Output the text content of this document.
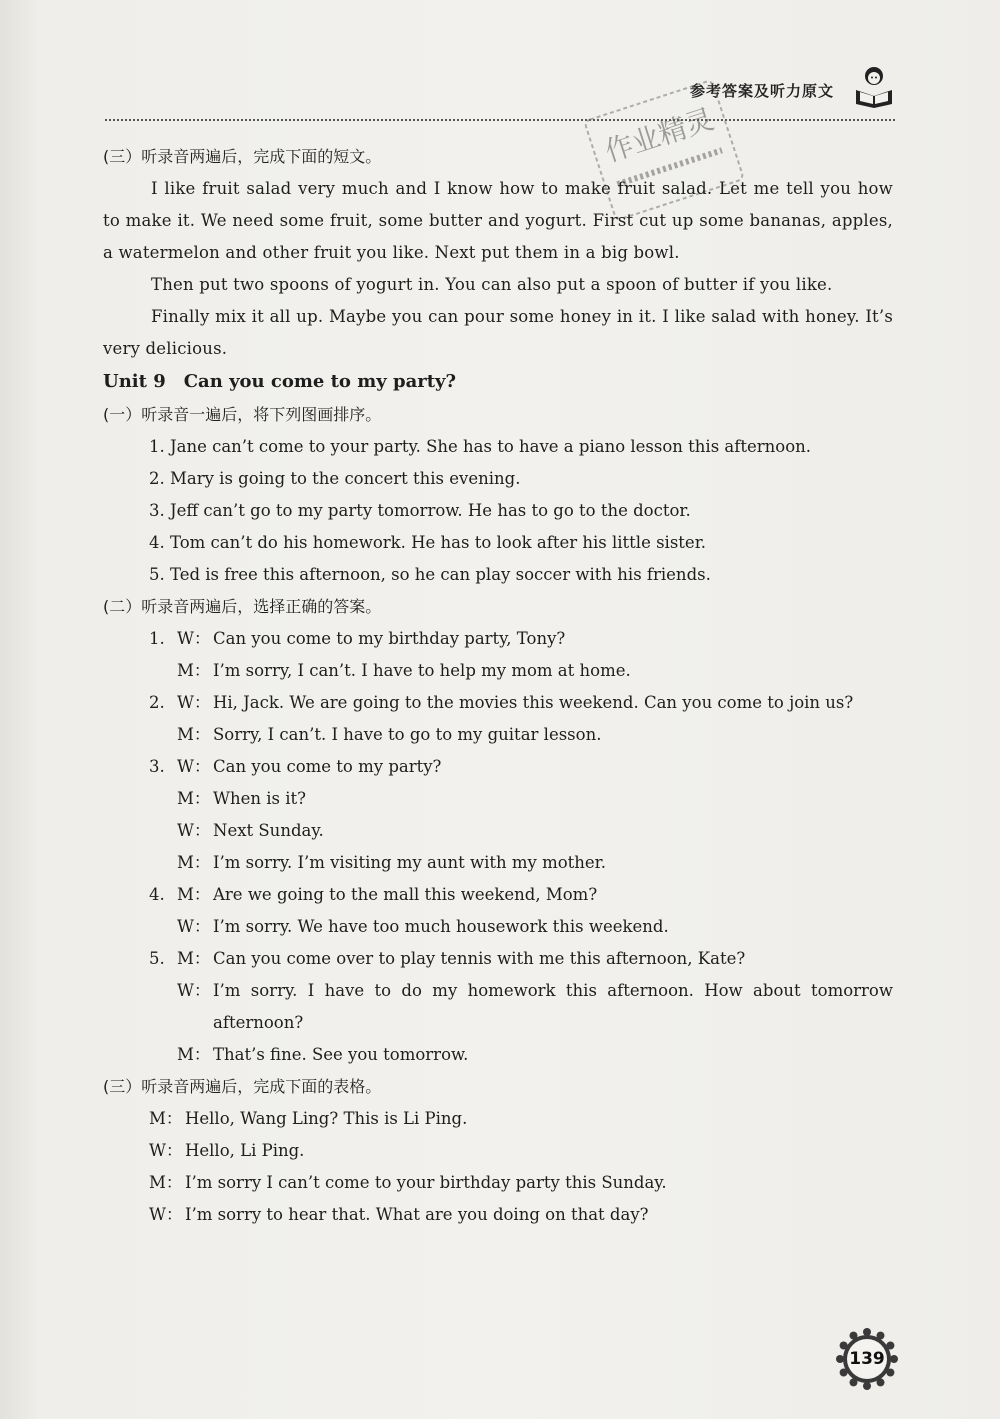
参考答案及听力原文
作业精灵

(三）听录音两遍后，完成下面的短文。

I like fruit salad very much and I know how to make fruit salad. Let me tell you how to make it. We need some fruit, some butter and yogurt. First cut up some bananas, apples, a watermelon and other fruit you like. Next put them in a big bowl.

Then put two spoons of yogurt in. You can also put a spoon of butter if you like.

Finally mix it all up. Maybe you can pour some honey in it. I like salad with honey. It’s very delicious.

Unit 9　Can you come to my party?

(一）听录音一遍后，将下列图画排序。

1. Jane can’t come to your party. She has to have a piano lesson this afternoon.

2. Mary is going to the concert this evening.

3. Jeff can’t go to my party tomorrow. He has to go to the doctor.

4. Tom can’t do his homework. He has to look after his little sister.

5. Ted is free this afternoon, so he can play soccer with his friends.

(二）听录音两遍后，选择正确的答案。

1. W： Can you come to my birthday party, Tony?
M： I’m sorry, I can’t. I have to help my mom at home.
2. W： Hi, Jack. We are going to the movies this weekend. Can you come to join us?
M： Sorry, I can’t. I have to go to my guitar lesson.
3. W： Can you come to my party?
M： When is it?
W： Next Sunday.
M： I’m sorry. I’m visiting my aunt with my mother.
4. M： Are we going to the mall this weekend, Mom?
W： I’m sorry. We have too much housework this weekend.
5. M： Can you come over to play tennis with me this afternoon, Kate?
W： I’m sorry. I have to do my homework this afternoon. How about tomorrow afternoon?
M： That’s fine. See you tomorrow.

(三）听录音两遍后，完成下面的表格。

M： Hello, Wang Ling? This is Li Ping.
W： Hello, Li Ping.
M： I’m sorry I can’t come to your birthday party this Sunday.
W： I’m sorry to hear that. What are you doing on that day?
139
